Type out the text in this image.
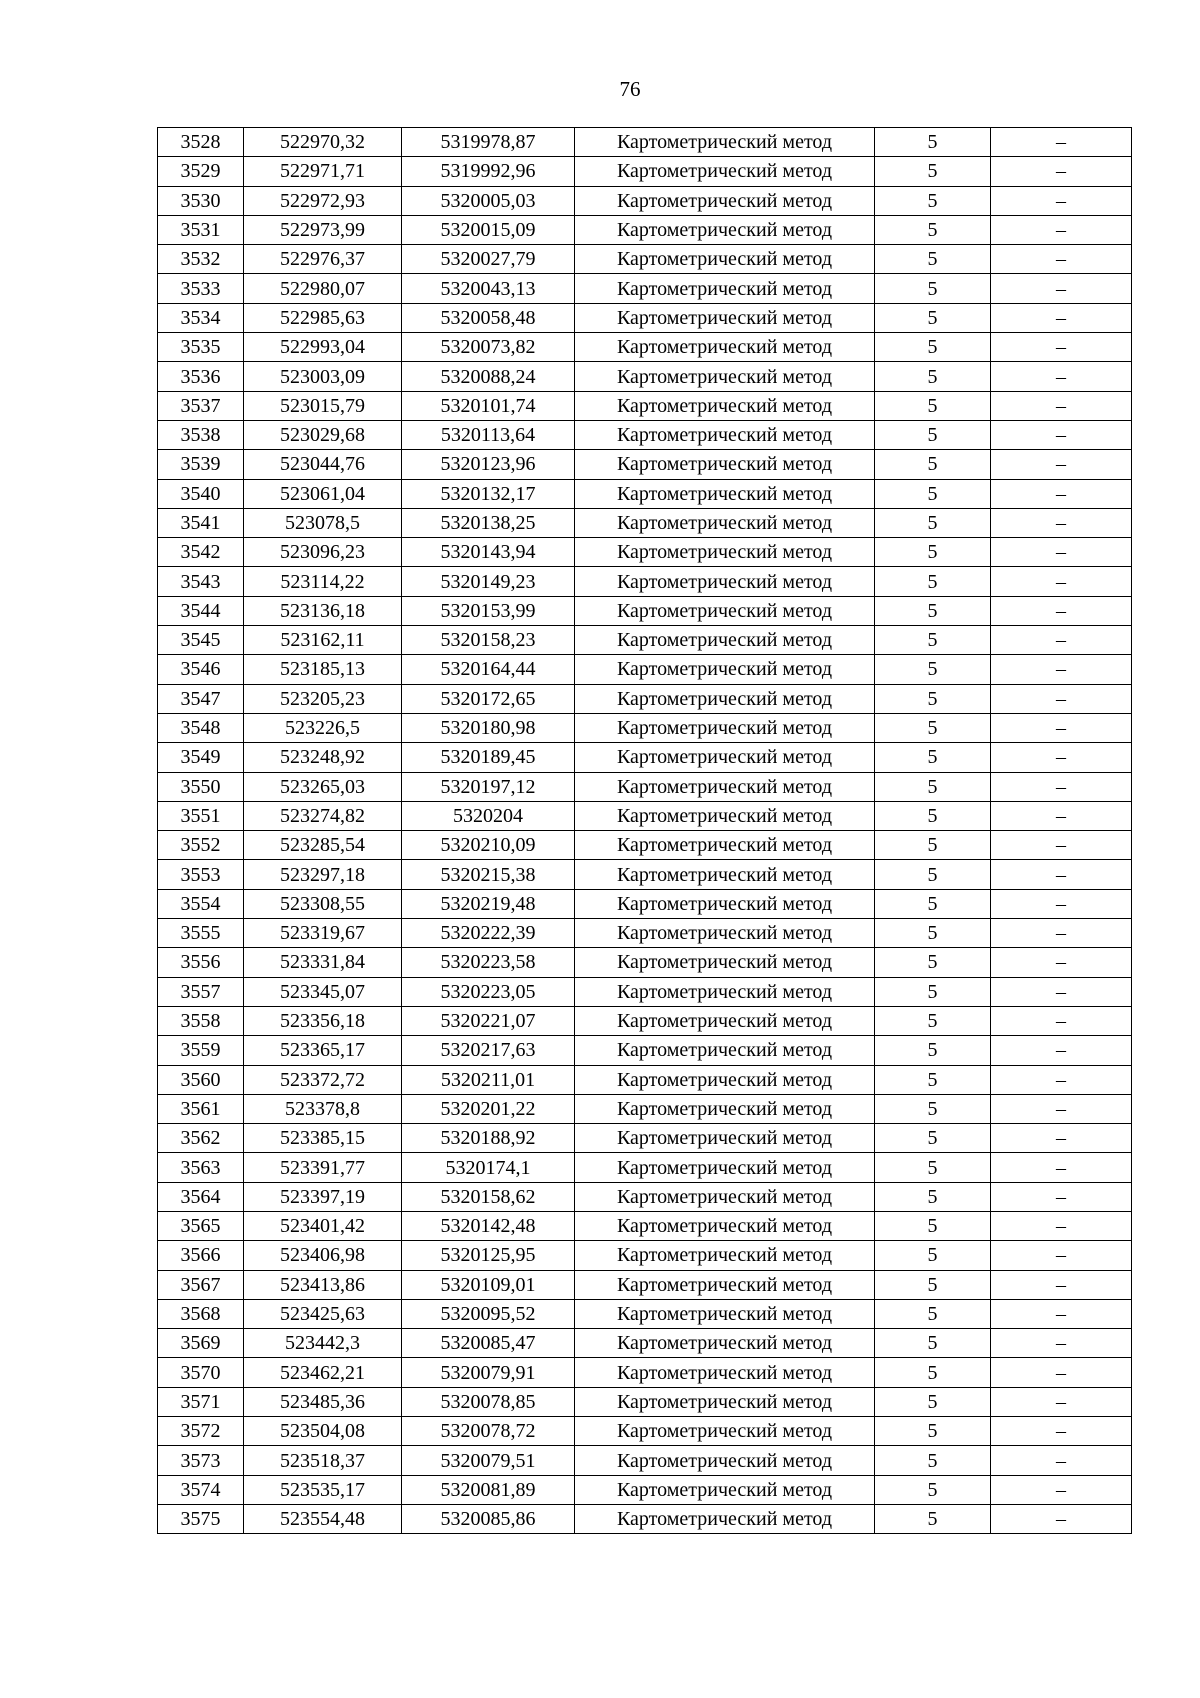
76
3528	522970,32	5319978,87	Картометрический метод	5	–
3529	522971,71	5319992,96	Картометрический метод	5	–
3530	522972,93	5320005,03	Картометрический метод	5	–
3531	522973,99	5320015,09	Картометрический метод	5	–
3532	522976,37	5320027,79	Картометрический метод	5	–
3533	522980,07	5320043,13	Картометрический метод	5	–
3534	522985,63	5320058,48	Картометрический метод	5	–
3535	522993,04	5320073,82	Картометрический метод	5	–
3536	523003,09	5320088,24	Картометрический метод	5	–
3537	523015,79	5320101,74	Картометрический метод	5	–
3538	523029,68	5320113,64	Картометрический метод	5	–
3539	523044,76	5320123,96	Картометрический метод	5	–
3540	523061,04	5320132,17	Картометрический метод	5	–
3541	523078,5	5320138,25	Картометрический метод	5	–
3542	523096,23	5320143,94	Картометрический метод	5	–
3543	523114,22	5320149,23	Картометрический метод	5	–
3544	523136,18	5320153,99	Картометрический метод	5	–
3545	523162,11	5320158,23	Картометрический метод	5	–
3546	523185,13	5320164,44	Картометрический метод	5	–
3547	523205,23	5320172,65	Картометрический метод	5	–
3548	523226,5	5320180,98	Картометрический метод	5	–
3549	523248,92	5320189,45	Картометрический метод	5	–
3550	523265,03	5320197,12	Картометрический метод	5	–
3551	523274,82	5320204	Картометрический метод	5	–
3552	523285,54	5320210,09	Картометрический метод	5	–
3553	523297,18	5320215,38	Картометрический метод	5	–
3554	523308,55	5320219,48	Картометрический метод	5	–
3555	523319,67	5320222,39	Картометрический метод	5	–
3556	523331,84	5320223,58	Картометрический метод	5	–
3557	523345,07	5320223,05	Картометрический метод	5	–
3558	523356,18	5320221,07	Картометрический метод	5	–
3559	523365,17	5320217,63	Картометрический метод	5	–
3560	523372,72	5320211,01	Картометрический метод	5	–
3561	523378,8	5320201,22	Картометрический метод	5	–
3562	523385,15	5320188,92	Картометрический метод	5	–
3563	523391,77	5320174,1	Картометрический метод	5	–
3564	523397,19	5320158,62	Картометрический метод	5	–
3565	523401,42	5320142,48	Картометрический метод	5	–
3566	523406,98	5320125,95	Картометрический метод	5	–
3567	523413,86	5320109,01	Картометрический метод	5	–
3568	523425,63	5320095,52	Картометрический метод	5	–
3569	523442,3	5320085,47	Картометрический метод	5	–
3570	523462,21	5320079,91	Картометрический метод	5	–
3571	523485,36	5320078,85	Картометрический метод	5	–
3572	523504,08	5320078,72	Картометрический метод	5	–
3573	523518,37	5320079,51	Картометрический метод	5	–
3574	523535,17	5320081,89	Картометрический метод	5	–
3575	523554,48	5320085,86	Картометрический метод	5	–
